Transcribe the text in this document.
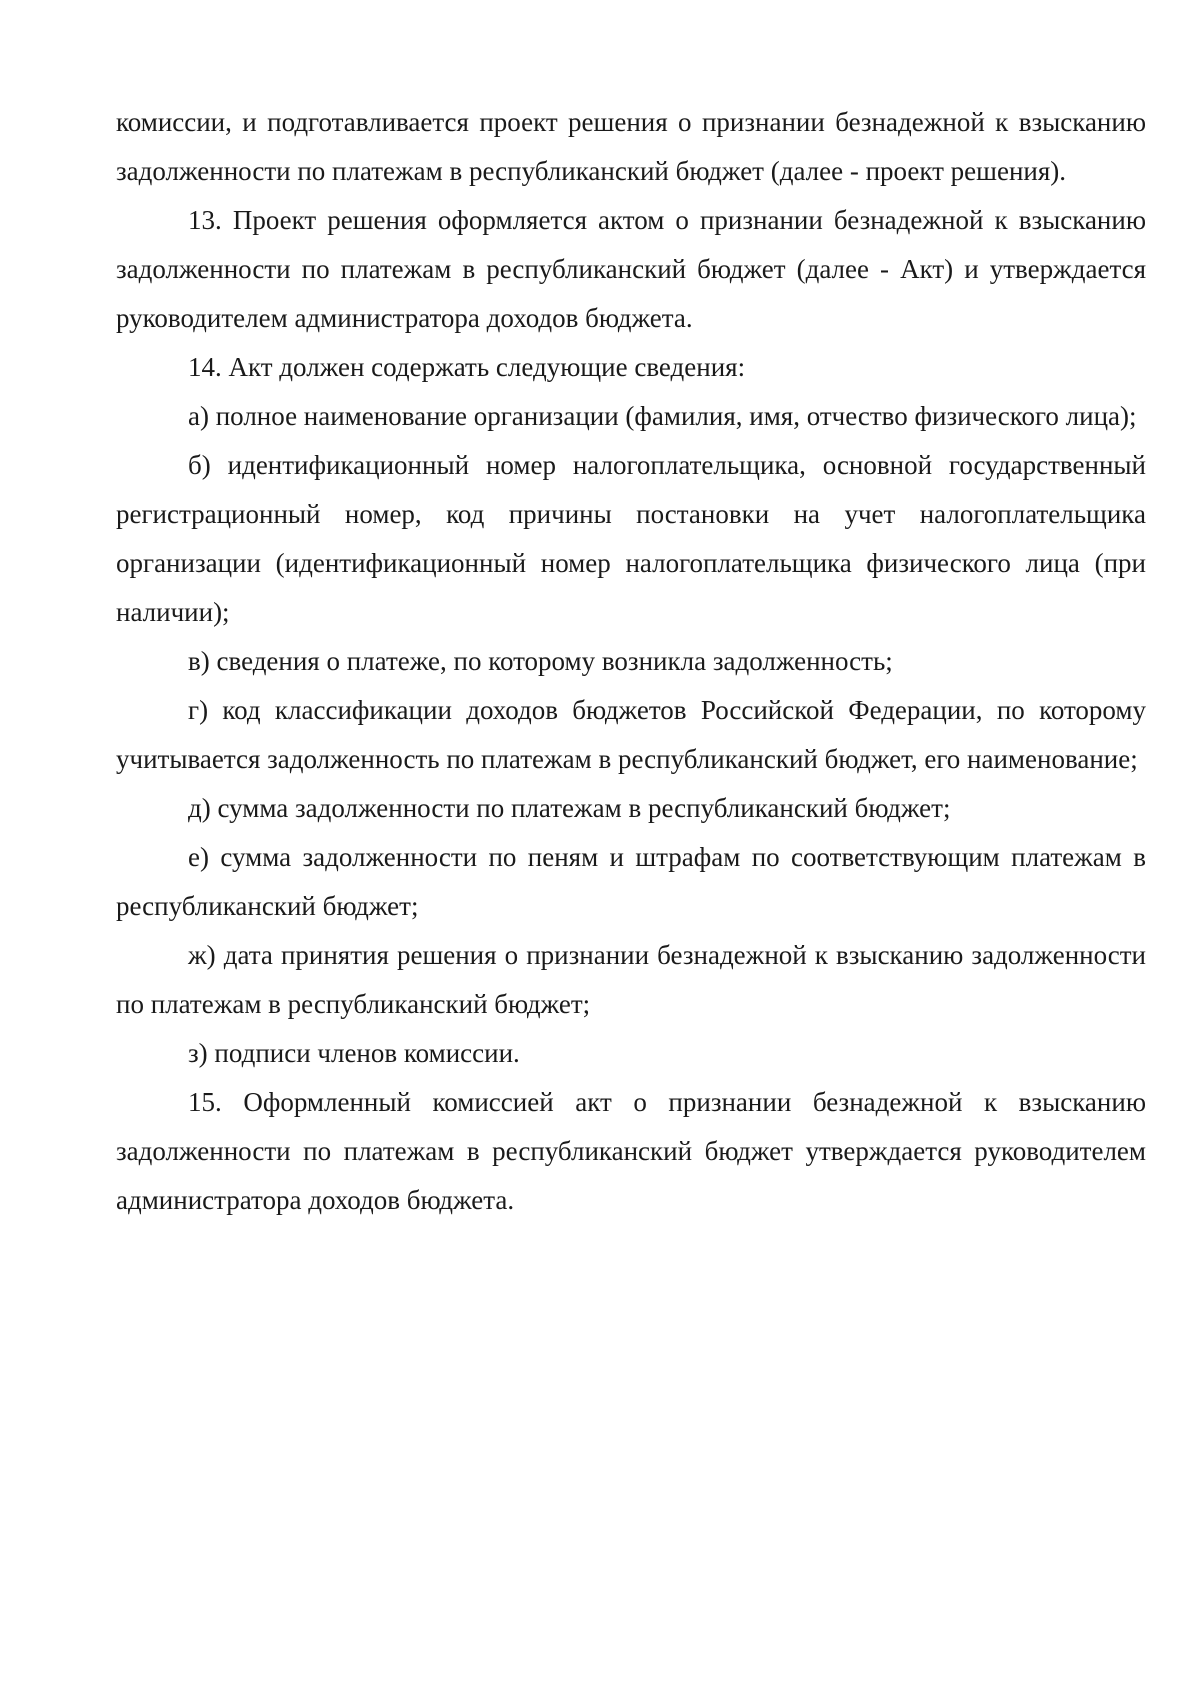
комиссии, и подготавливается проект решения о признании безнадежной к взысканию задолженности по платежам в республиканский бюджет (далее - проект решения).

13. Проект решения оформляется актом о признании безнадежной к взысканию задолженности по платежам в республиканский бюджет (далее - Акт) и утверждается руководителем администратора доходов бюджета.

14. Акт должен содержать следующие сведения:

а) полное наименование организации (фамилия, имя, отчество физического лица);

б) идентификационный номер налогоплательщика, основной государственный регистрационный номер, код причины постановки на учет налогоплательщика организации (идентификационный номер налогоплательщика физического лица (при наличии);

в) сведения о платеже, по которому возникла задолженность;

г) код классификации доходов бюджетов Российской Федерации, по которому учитывается задолженность по платежам в республиканский бюджет, его наименование;

д) сумма задолженности по платежам в республиканский бюджет;

е) сумма задолженности по пеням и штрафам по соответствующим платежам в республиканский бюджет;

ж) дата принятия решения о признании безнадежной к взысканию задолженности по платежам в республиканский бюджет;

з) подписи членов комиссии.

15. Оформленный комиссией акт о признании безнадежной к взысканию задолженности по платежам в республиканский бюджет утверждается руководителем администратора доходов бюджета.
